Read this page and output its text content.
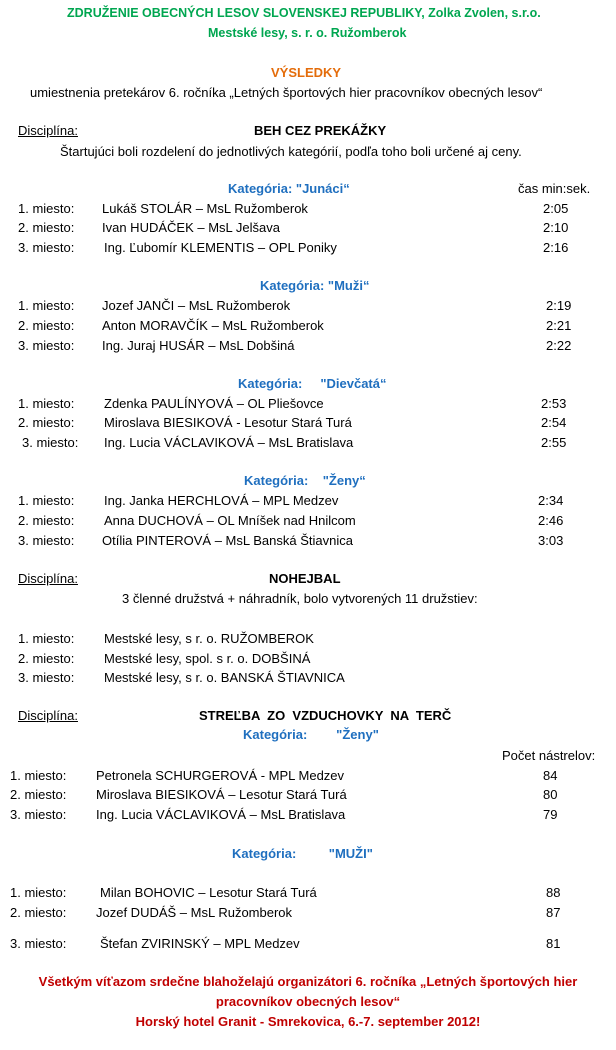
ZDRUŽENIE OBECNÝCH LESOV SLOVENSKEJ REPUBLIKY, Zolka Zvolen, s.r.o.
Mestské lesy, s. r. o. Ružomberok
VÝSLEDKY
umiestnenia pretekárov 6. ročníka „Letných športových hier pracovníkov obecných lesov“
Disciplína:	BEH CEZ PREKÁŽKY
Štartujúci boli rozdelení do jednotlivých kategórií, podľa toho boli určené aj ceny.
Kategória: "Junáci“	čas min:sek.
1. miesto: Lukáš STOLÁR – MsL Ružomberok	2:05
2. miesto: Ivan HUDÁČEK – MsL Jelšava	2:10
3. miesto: Ing. Ľubomír KLEMENTIS – OPL Poniky	2:16
Kategória: "Muži“
1. miesto: Jozef JANČI – MsL Ružomberok	2:19
2. miesto: Anton MORAVČÍK – MsL Ružomberok	2:21
3. miesto: Ing. Juraj HUSÁR – MsL Dobšiná	2:22
Kategória:     "Dievčatá“
1. miesto: Zdenka PAULÍNYOVÁ – OL Pliešovce	2:53
2. miesto: Miroslava BIESIKOVÁ - Lesotur Stará Turá	2:54
3. miesto: Ing. Lucia VÁCLAVIKOVÁ – MsL Bratislava	2:55
Kategória:    "Ženy“
1. miesto: Ing. Janka HERCHLOVÁ – MPL Medzev	2:34
2. miesto: Anna DUCHOVÁ – OL Mníšek nad Hnilcom	2:46
3. miesto: Otília PINTEROVÁ – MsL Banská Štiavnica	3:03
Disciplína:	NOHEJBAL
3 členné družstvá + náhradník, bolo vytvorených 11 družstiev:
1. miesto: Mestské lesy, s r. o. RUŽOMBEROK
2. miesto: Mestské lesy, spol. s r. o. DOBŠINÁ
3. miesto: Mestské lesy, s r. o. BANSKÁ ŠTIAVNICA
Disciplína:	STREĽBA  ZO  VZDUCHOVKY  NA  TERČ
Kategória:        "Ženy"
Počet nástrelov:
1. miesto: Petronela SCHURGEROVÁ - MPL Medzev	84
2. miesto: Miroslava BIESIKOVÁ – Lesotur Stará Turá	80
3. miesto: Ing. Lucia VÁCLAVIKOVÁ – MsL Bratislava	79
Kategória:         "MUŽI"
1. miesto:	Milan BOHOVIC – Lesotur Stará Turá	88
2. miesto: Jozef DUDÁŠ – MsL Ružomberok	87
3. miesto:	Štefan ZVIRINSKÝ – MPL Medzev	81
Všetkým víťazom srdečne blahoželajú organizátori 6. ročníka „Letných športových hier
pracovníkov obecných lesov“
Horský hotel Granit - Smrekovica, 6.-7. september 2012!
